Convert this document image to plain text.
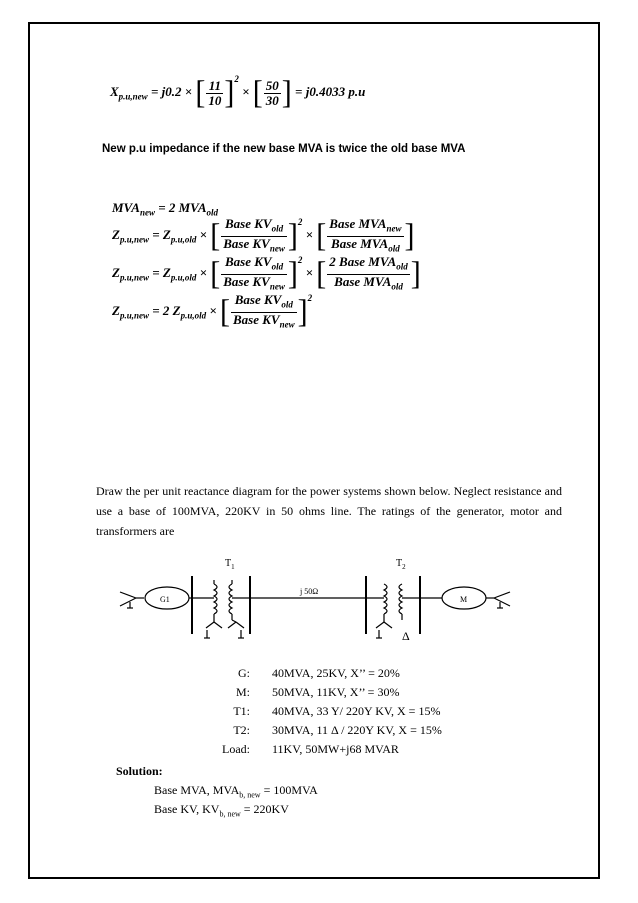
$X_{p.u,new} = j0.2$ × [ $\frac{11}{10} ]^2$ × [ $\frac{50}{30}$ ] = j0.4033 p.u
New p.u impedance if the new base MVA is twice the old base MVA
$MVA_{new} = 2$ $MVA_{old}$
$Z_{p.u,new} = Z_{p.u,old}$ × [ $\frac{Base KV_{old}}{Base KV_{new}} ]^2$ × [ $\frac{Base MVA_{new}}{Base MVA_{old}}$ ]
$Z_{p.u,new} = Z_{p.u,old}$ × [ $\frac{Base KV_{old}}{Base KV_{new}} ]^2$ × [ $\frac{2 Base MVA_{old}}{Base MVA_{old}}$ ]
$Z_{p.u,new} = 2$ $Z_{p.u,old}$ × [ $\frac{Base KV_{old}}{Base KV_{new}} ]^2$
Draw the per unit reactance diagram for the power systems shown below. Neglect resistance and use a base of 100MVA, 220KV in 50 ohms line. The ratings of the generator, motor and transformers are
$T_1$	$T_2$
j 50Ω
G1	M
Δ
G: 40MVA, 25KV, X’’ = 20%
M: 50MVA, 11KV, X’’ = 30%
T1: 40MVA, 33 Y/ 220Y KV, X = 15%
T2: 30MVA, 11 Δ / 220Y KV, X = 15%
Load: 11KV, 50MW+j68 MVAR
Solution:
Base MVA, $MVA_{b, new} = 100MVA$
Base KV, $KV_{b, new} = 220KV$
